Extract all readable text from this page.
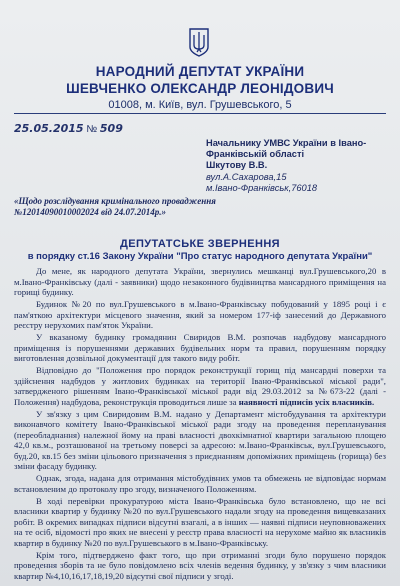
НАРОДНИЙ ДЕПУТАТ УКРАЇНИ
ШЕВЧЕНКО ОЛЕКСАНДР ЛЕОНІДОВИЧ
01008, м. Київ, вул. Грушевського, 5
25.05.2015 № 509
Начальнику УМВС України в Івано-
Франківській області
Шкутову В.В.
вул.А.Сахарова,15
м.Івано-Франківськ,76018
«Щодо розслідування кримінального провадження
№12014090010002024 від 24.07.2014р.»
ДЕПУТАТСЬКЕ ЗВЕРНЕННЯ
в порядку ст.16 Закону України "Про статус народного депутата України"

До мене, як народного депутата України, звернулись мешканці вул.Грушевського,20 в м.Івано-Франківську (далі - заявники) щодо незаконного будівництва мансардного приміщення на горищі будинку.

Будинок №20 по вул.Грушевського в м.Івано-Франківську побудований у 1895 році і є пам'яткою архітектури місцевого значення, який за номером 177-іф занесений до Державного реєстру нерухомих пам'яток України.

У вказаному будинку громадянин Свиридов В.М. розпочав надбудову мансардного приміщення із порушеннями державних будівельних норм та правил, порушенням порядку виготовлення дозвільної документації для такого виду робіт.

Відповідно до "Положення про порядок реконструкції горищ під мансардні поверхи та здійснення надбудов у житлових будинках на території Івано-Франківської міської ради", затвердженого рішенням Івано-Франківської міської ради від 29.03.2012 за №673-22 (далі - Положення) надбудова, реконструкція проводиться лише за наявності підписів усіх власників.

У зв'язку з цим Свиридовим В.М. надано у Департамент містобудування та архітектури виконавчого комітету Івано-Франківської міської ради згоду на проведення перепланування (переобладнання) належної йому на праві власності двохкімнатної квартири загальною площею 42,0 кв.м., розташованої на третьому поверсі за адресою: м.Івано-Франківськ, вул.Грушевського, буд.20, кв.15 без зміни цільового призначення з приєднанням допоміжних приміщень (горища) без зміни фасаду будинку.

Однак, згода, надана для отримання містобудівних умов та обмежень не відповідає нормам встановленим до протоколу про згоду, визначеного Положенням.

В ході перевірки прокуратурою міста Івано-Франківська було встановлено, що не всі власники квартир у будинку №20 по вул.Грушевського надали згоду на проведення вищевказаних робіт. В окремих випадках підписи відсутні взагалі, а в інших — наявні підписи неуповноважених на те осіб, відомості про яких не внесені у реєстр права власності на нерухоме майно як власників квартир в будинку №20 по вул.Грушевського в м.Івано-Франківську.

Крім того, підтверджено факт того, що при отриманні згоди було порушено порядок проведення зборів та не було повідомлено всіх членів ведення будинку, у зв'язку з чим власники квартир №4,10,16,17,18,19,20 відсутні свої підписи у згоді.
